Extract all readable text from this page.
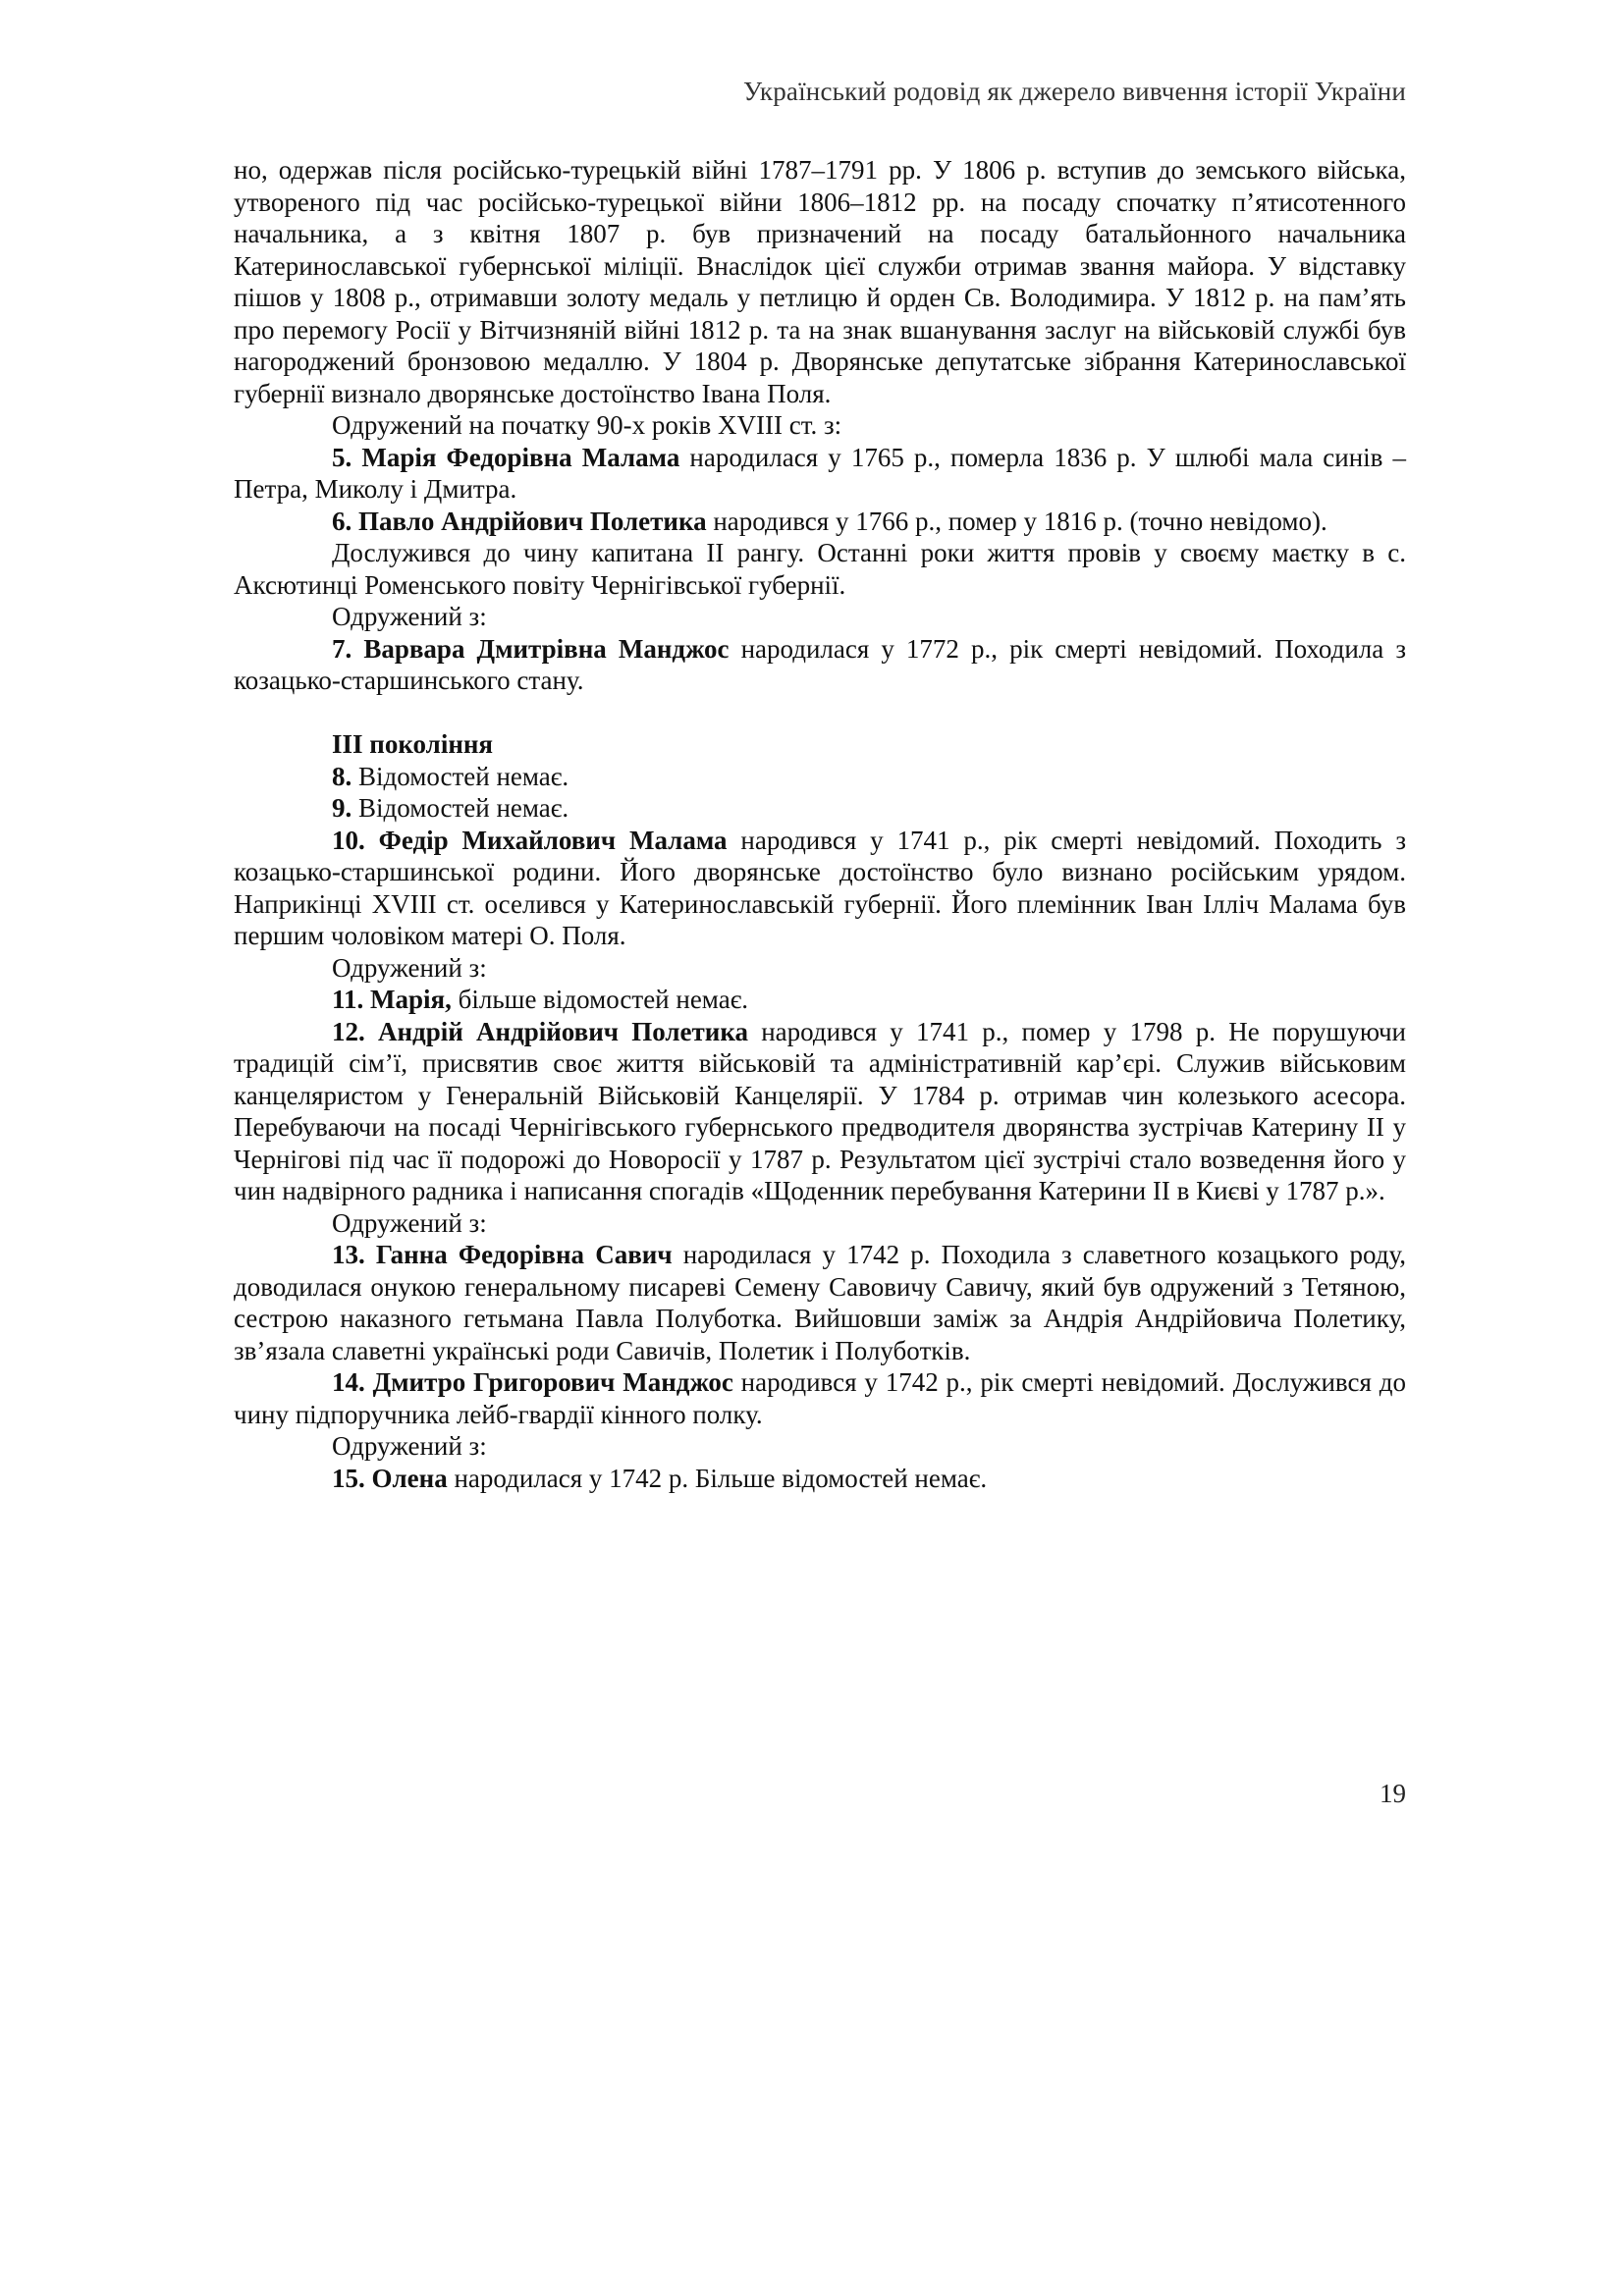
Український родовід як джерело вивчення історії України

но, одержав після російсько-турецькій війні 1787–1791 рр. У 1806 р. вступив до земського війська, утвореного під час російсько-турецької війни 1806–1812 рр. на посаду спочатку п’ятисотенного начальника, а з квітня 1807 р. був призначений на посаду батальйонного начальника Катеринославської губернської міліції. Внаслідок цієї служби отримав звання майора. У відставку пішов у 1808 р., отримавши золоту медаль у петлицю й орден Св. Володимира. У 1812 р. на пам’ять про перемогу Росії у Вітчизняній війні 1812 р. та на знак вшанування заслуг на військовій службі був нагороджений бронзовою медаллю. У 1804 р. Дворянське депутатське зібрання Катеринославської губернії визнало дворянське достоїнство Івана Поля.

Одружений на початку 90-х років XVIII ст. з:

5. Марія Федорівна Малама народилася у 1765 р., померла 1836 р. У шлюбі мала синів – Петра, Миколу і Дмитра.

6. Павло Андрійович Полетика народився у 1766 р., помер у 1816 р. (точно невідомо).

Дослужився до чину капитана II рангу. Останні роки життя провів у своєму маєтку в с. Аксютинці Роменського повіту Чернігівської губернії.

Одружений з:

7. Варвара Дмитрівна Манджос народилася у 1772 р., рік смерті невідомий. Походила з козацько-старшинського стану.

III покоління

8. Відомостей немає.

9. Відомостей немає.

10. Федір Михайлович Малама народився у 1741 р., рік смерті невідомий. Походить з козацько-старшинської родини. Його дворянське достоїнство було визнано російським урядом. Наприкінці XVIII ст. оселився у Катеринославській губернії. Його племінник Іван Ілліч Малама був першим чоловіком матері О. Поля.

Одружений з:

11. Марія, більше відомостей немає.

12. Андрій Андрійович Полетика народився у 1741 р., помер у 1798 р. Не порушуючи традицій сім’ї, присвятив своє життя військовій та адміністративній кар’єрі. Служив військовим канцеляристом у Генеральній Військовій Канцелярії. У 1784 р. отримав чин колезького асесора. Перебуваючи на посаді Чернігівського губернського предводителя дворянства зустрічав Катерину II у Чернігові під час її подорожі до Новоросії у 1787 р. Результатом цієї зустрічі стало возведення його у чин надвірного радника і написання спогадів «Щоденник перебування Катерини II в Києві у 1787 р.».

Одружений з:

13. Ганна Федорівна Савич народилася у 1742 р. Походила з славетного козацького роду, доводилася онукою генеральному писареві Семену Савовичу Савичу, який був одружений з Тетяною, сестрою наказного гетьмана Павла Полуботка. Вийшовши заміж за Андрія Андрійовича Полетику, зв’язала славетні українські роди Савичів, Полетик і Полуботків.

14. Дмитро Григорович Манджос народився у 1742 р., рік смерті невідомий. Дослужився до чину підпоручника лейб-гвардії кінного полку.

Одружений з:

15. Олена народилася у 1742 р. Більше відомостей немає.

19
